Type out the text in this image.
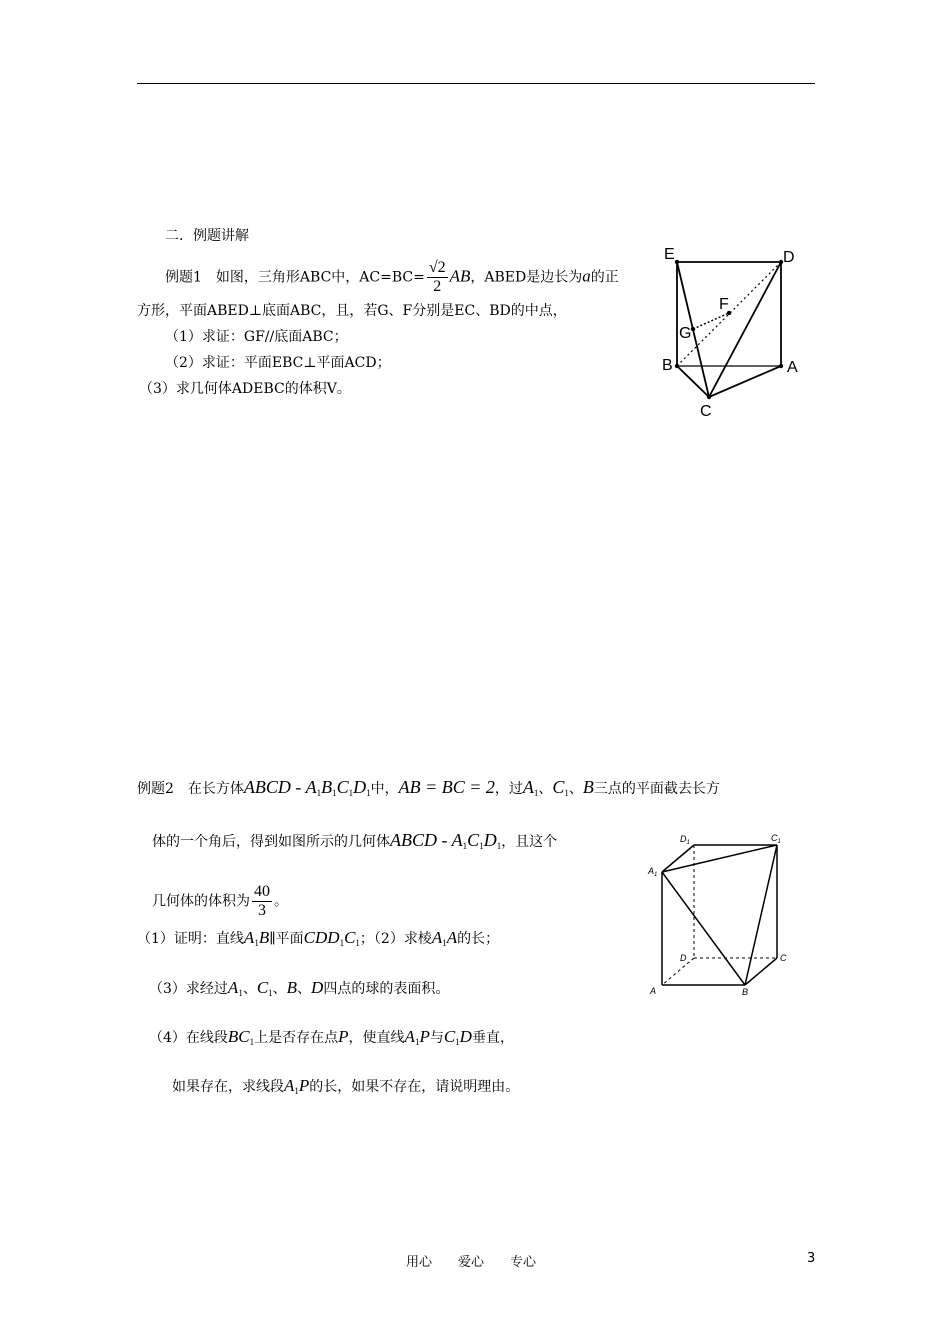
二．例题讲解
例题1　如图，三角形ABC中，$AC=BC= \frac{√2}{2}$ AB，ABED是边长为a的正
方形，平面ABED⊥底面ABC，且，若G、F分别是EC、BD的中点，
（1）求证：GF//底面ABC；
（2）求证：平面EBC⊥平面ACD；
（3）求几何体ADEBC的体积V。
E	D
F
G
B	A
C
例题2　在长方体ABCD - $A_1B_1C_1D_1$中，AB = BC = 2，过$A_1$、$C_1$、B三点的平面截去长方
体的一个角后，得到如图所示的几何体ABCD - $A_1C_1D_1$，且这个
几何体的体积为 $\frac{40}{3}$ 。
（1）证明：直线$A_1B\parallel$平面$CDD_1C_1$；（2）求棱$A_1A$的长；
（3）求经过$A_1$、$C_1$、B、D四点的球的表面积。
（4）在线段$BC_1$上是否存在点P，使直线$A_1P$与$C_1D$垂直，
如果存在，求线段$A_1P$的长，如果不存在，请说明理由。
$D_1$	$C_1$
$A_1$
D	C
A	B
用心　　爱心　　专心	3
